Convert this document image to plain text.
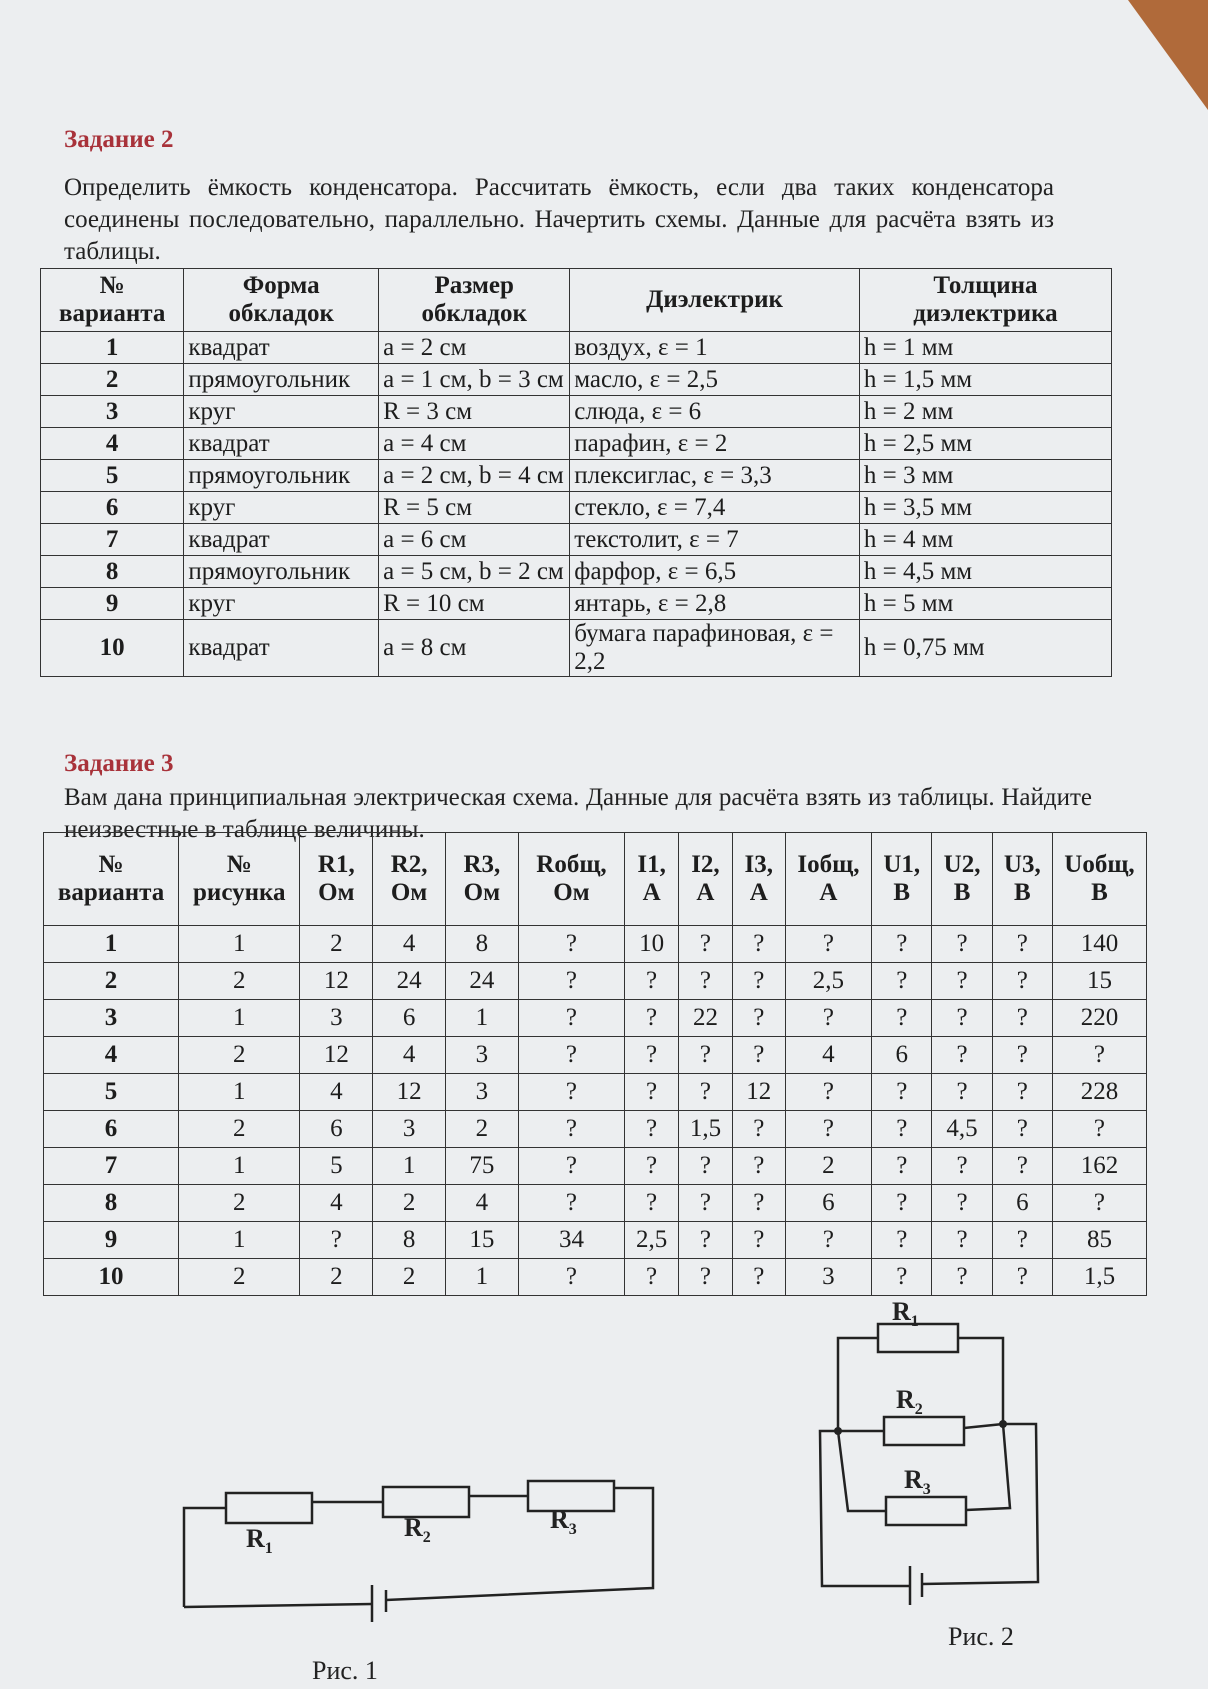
Задание 2
Определить ёмкость конденсатора. Рассчитать ёмкость, если два таких конденсатора соединены последовательно, параллельно. Начертить схемы. Данные для расчёта взять из таблицы.
№ варианта	Форма обкладок	Размер обкладок	Диэлектрик	Толщина диэлектрика
1	квадрат	a = 2 см	воздух, ε = 1	h = 1 мм
2	прямоугольник	a = 1 см, b = 3 см	масло, ε = 2,5	h = 1,5 мм
3	круг	R = 3 см	слюда, ε = 6	h = 2 мм
4	квадрат	a = 4 см	парафин, ε = 2	h = 2,5 мм
5	прямоугольник	a = 2 см, b = 4 см	плексиглас, ε = 3,3	h = 3 мм
6	круг	R = 5 см	стекло, ε = 7,4	h = 3,5 мм
7	квадрат	a = 6 см	текстолит, ε = 7	h = 4 мм
8	прямоугольник	a = 5 см, b = 2 см	фарфор, ε = 6,5	h = 4,5 мм
9	круг	R = 10 см	янтарь, ε = 2,8	h = 5 мм
10	квадрат	a = 8 см	бумага парафиновая, ε = 2,2	h = 0,75 мм
Задание 3
Вам дана принципиальная электрическая схема. Данные для расчёта взять из таблицы. Найдите неизвестные в таблице величины.
№ варианта	№ рисунка	R1, Ом	R2, Ом	R3, Ом	Rобщ, Ом	I1, А	I2, А	I3, А	Iобщ, А	U1, В	U2, В	U3, В	Uобщ, В
1	1	2	4	8	?	10	?	?	?	?	?	?	140
2	2	12	24	24	?	?	?	?	2,5	?	?	?	15
3	1	3	6	1	?	?	22	?	?	?	?	?	220
4	2	12	4	3	?	?	?	?	4	6	?	?	?
5	1	4	12	3	?	?	?	12	?	?	?	?	228
6	2	6	3	2	?	?	1,5	?	?	?	4,5	?	?
7	1	5	1	75	?	?	?	?	2	?	?	?	162
8	2	4	2	4	?	?	?	?	6	?	?	6	?
9	1	?	8	15	34	2,5	?	?	?	?	?	?	85
10	2	2	2	1	?	?	?	?	3	?	?	?	1,5
$R_1$
$R_2$
$R_3$
Рис. 1
$R_1$
$R_2$
$R_3$
Рис. 2
